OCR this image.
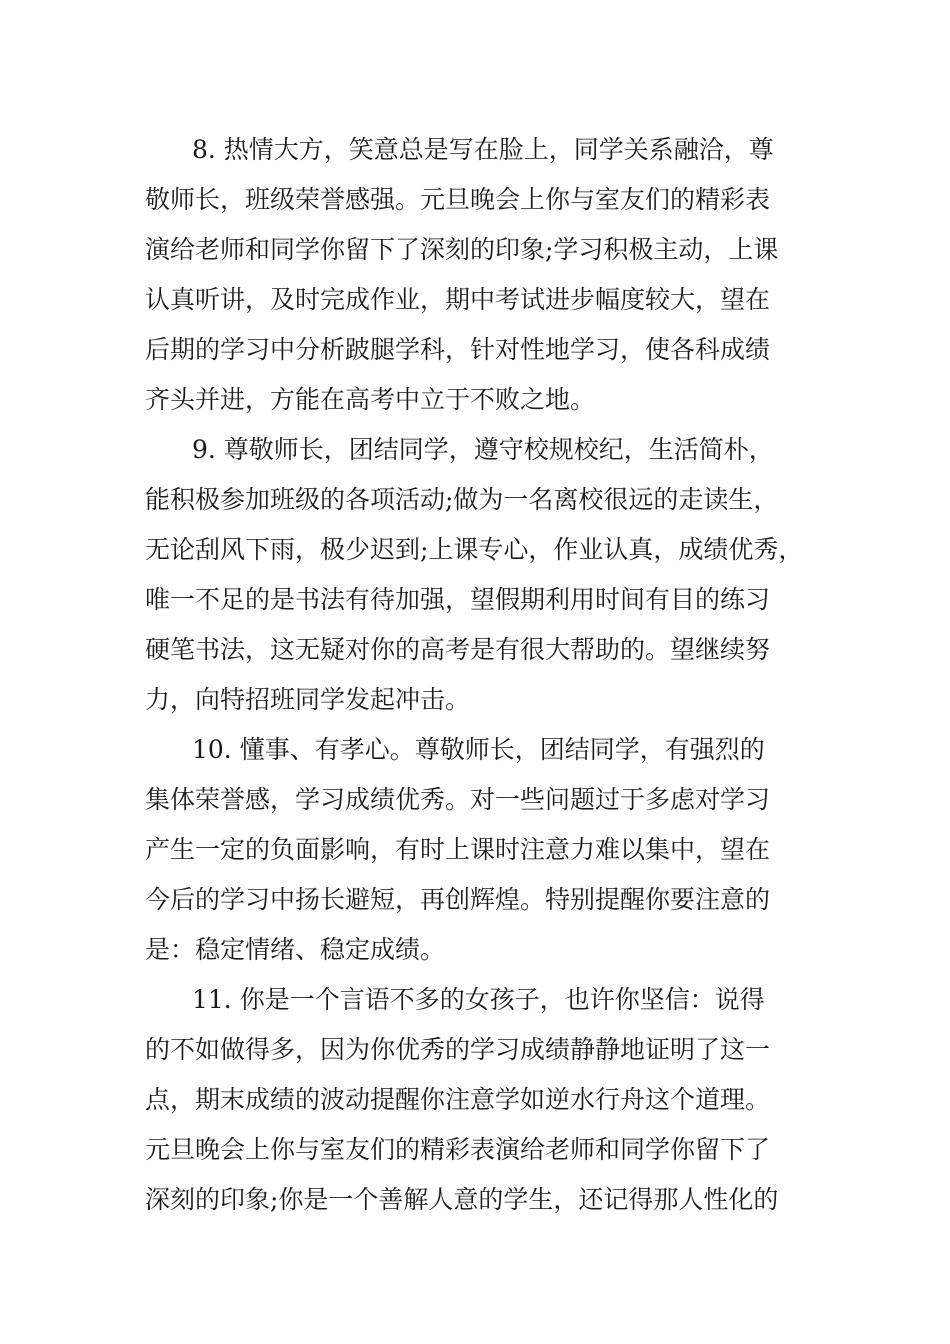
8. 热情大方，笑意总是写在脸上，同学关系融洽，尊
敬师长，班级荣誉感强。元旦晚会上你与室友们的精彩表
演给老师和同学你留下了深刻的印象;学习积极主动，上课
认真听讲，及时完成作业，期中考试进步幅度较大，望在
后期的学习中分析跛腿学科，针对性地学习，使各科成绩
齐头并进，方能在高考中立于不败之地。
9. 尊敬师长，团结同学，遵守校规校纪，生活简朴，
能积极参加班级的各项活动;做为一名离校很远的走读生，
无论刮风下雨，极少迟到;上课专心，作业认真，成绩优秀，
唯一不足的是书法有待加强，望假期利用时间有目的练习
硬笔书法，这无疑对你的高考是有很大帮助的。望继续努
力，向特招班同学发起冲击。
10. 懂事、有孝心。尊敬师长，团结同学，有强烈的
集体荣誉感，学习成绩优秀。对一些问题过于多虑对学习
产生一定的负面影响，有时上课时注意力难以集中，望在
今后的学习中扬长避短，再创辉煌。特别提醒你要注意的
是：稳定情绪、稳定成绩。
11. 你是一个言语不多的女孩子，也许你坚信：说得
的不如做得多，因为你优秀的学习成绩静静地证明了这一
点，期末成绩的波动提醒你注意学如逆水行舟这个道理。
元旦晚会上你与室友们的精彩表演给老师和同学你留下了
深刻的印象;你是一个善解人意的学生，还记得那人性化的
